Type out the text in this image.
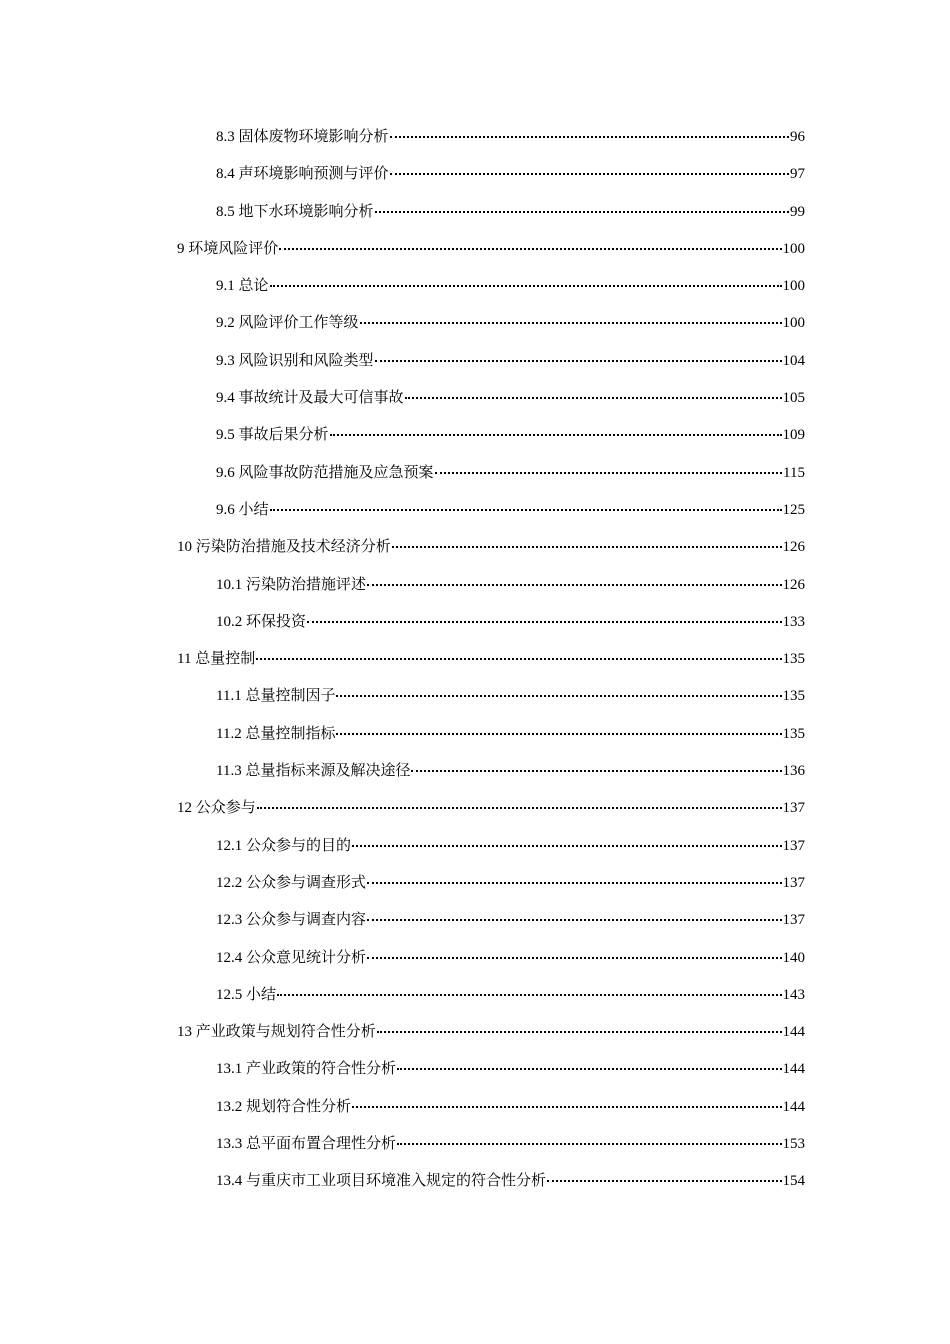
8.3 固体废物环境影响分析	96
8.4 声环境影响预测与评价	97
8.5 地下水环境影响分析	99
9 环境风险评价	100
9.1 总论	100
9.2 风险评价工作等级	100
9.3 风险识别和风险类型	104
9.4 事故统计及最大可信事故	105
9.5 事故后果分析	109
9.6 风险事故防范措施及应急预案	115
9.6 小结	125
10 污染防治措施及技术经济分析	126
10.1 污染防治措施评述	126
10.2 环保投资	133
11 总量控制	135
11.1 总量控制因子	135
11.2 总量控制指标	135
11.3 总量指标来源及解决途径	136
12 公众参与	137
12.1 公众参与的目的	137
12.2 公众参与调查形式	137
12.3 公众参与调查内容	137
12.4 公众意见统计分析	140
12.5 小结	143
13 产业政策与规划符合性分析	144
13.1 产业政策的符合性分析	144
13.2 规划符合性分析	144
13.3 总平面布置合理性分析	153
13.4 与重庆市工业项目环境准入规定的符合性分析	154
